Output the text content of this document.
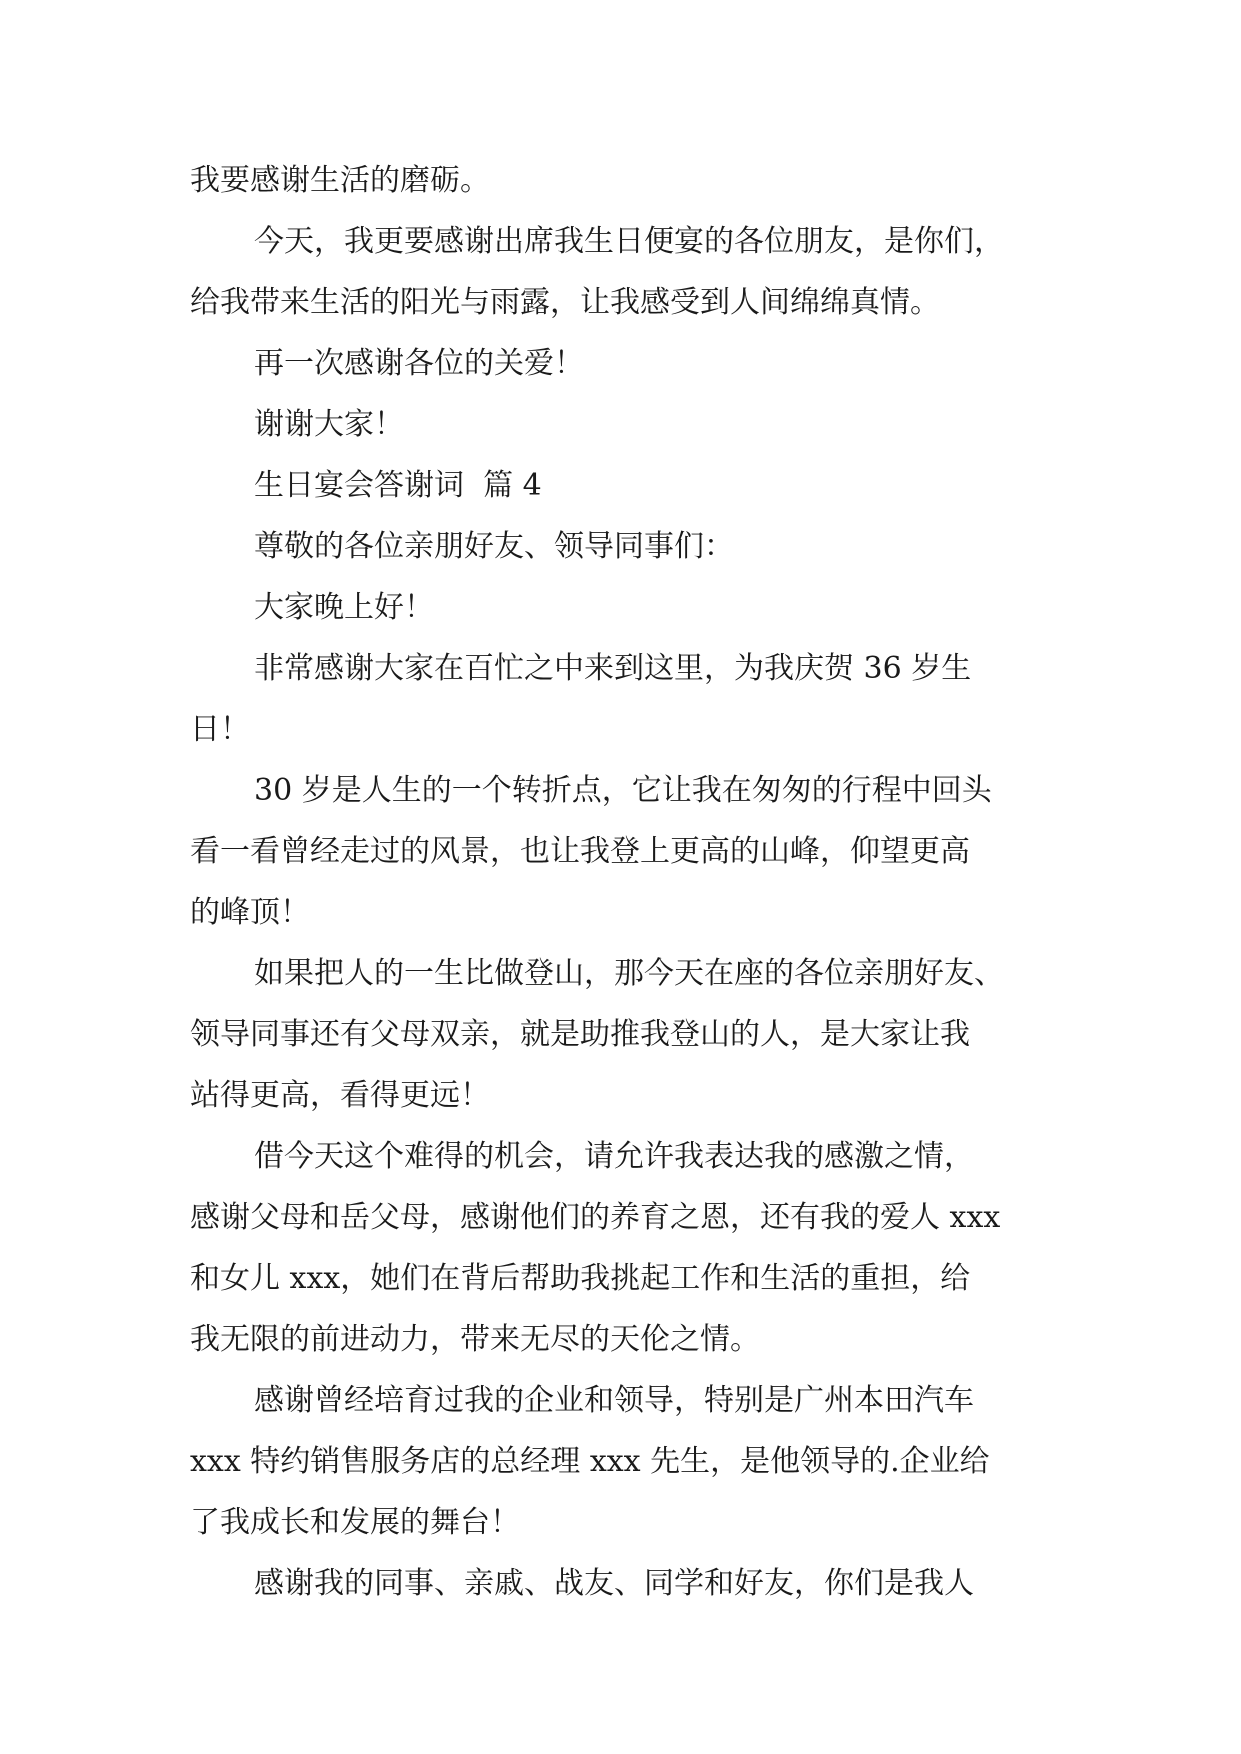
我要感谢生活的磨砺。

今天，我更要感谢出席我生日便宴的各位朋友，是你们，
给我带来生活的阳光与雨露，让我感受到人间绵绵真情。

再一次感谢各位的关爱！

谢谢大家！

生日宴会答谢词  篇 4

尊敬的各位亲朋好友、领导同事们：

大家晚上好！

非常感谢大家在百忙之中来到这里，为我庆贺 36 岁生
日！

30 岁是人生的一个转折点，它让我在匆匆的行程中回头
看一看曾经走过的风景，也让我登上更高的山峰，仰望更高
的峰顶！

如果把人的一生比做登山，那今天在座的各位亲朋好友、
领导同事还有父母双亲，就是助推我登山的人，是大家让我
站得更高，看得更远！

借今天这个难得的机会，请允许我表达我的感激之情，
感谢父母和岳父母，感谢他们的养育之恩，还有我的爱人 xxx
和女儿 xxx，她们在背后帮助我挑起工作和生活的重担，给
我无限的前进动力，带来无尽的天伦之情。

感谢曾经培育过我的企业和领导，特别是广州本田汽车
xxx 特约销售服务店的总经理 xxx 先生，是他领导的.企业给
了我成长和发展的舞台！

感谢我的同事、亲戚、战友、同学和好友，你们是我人
